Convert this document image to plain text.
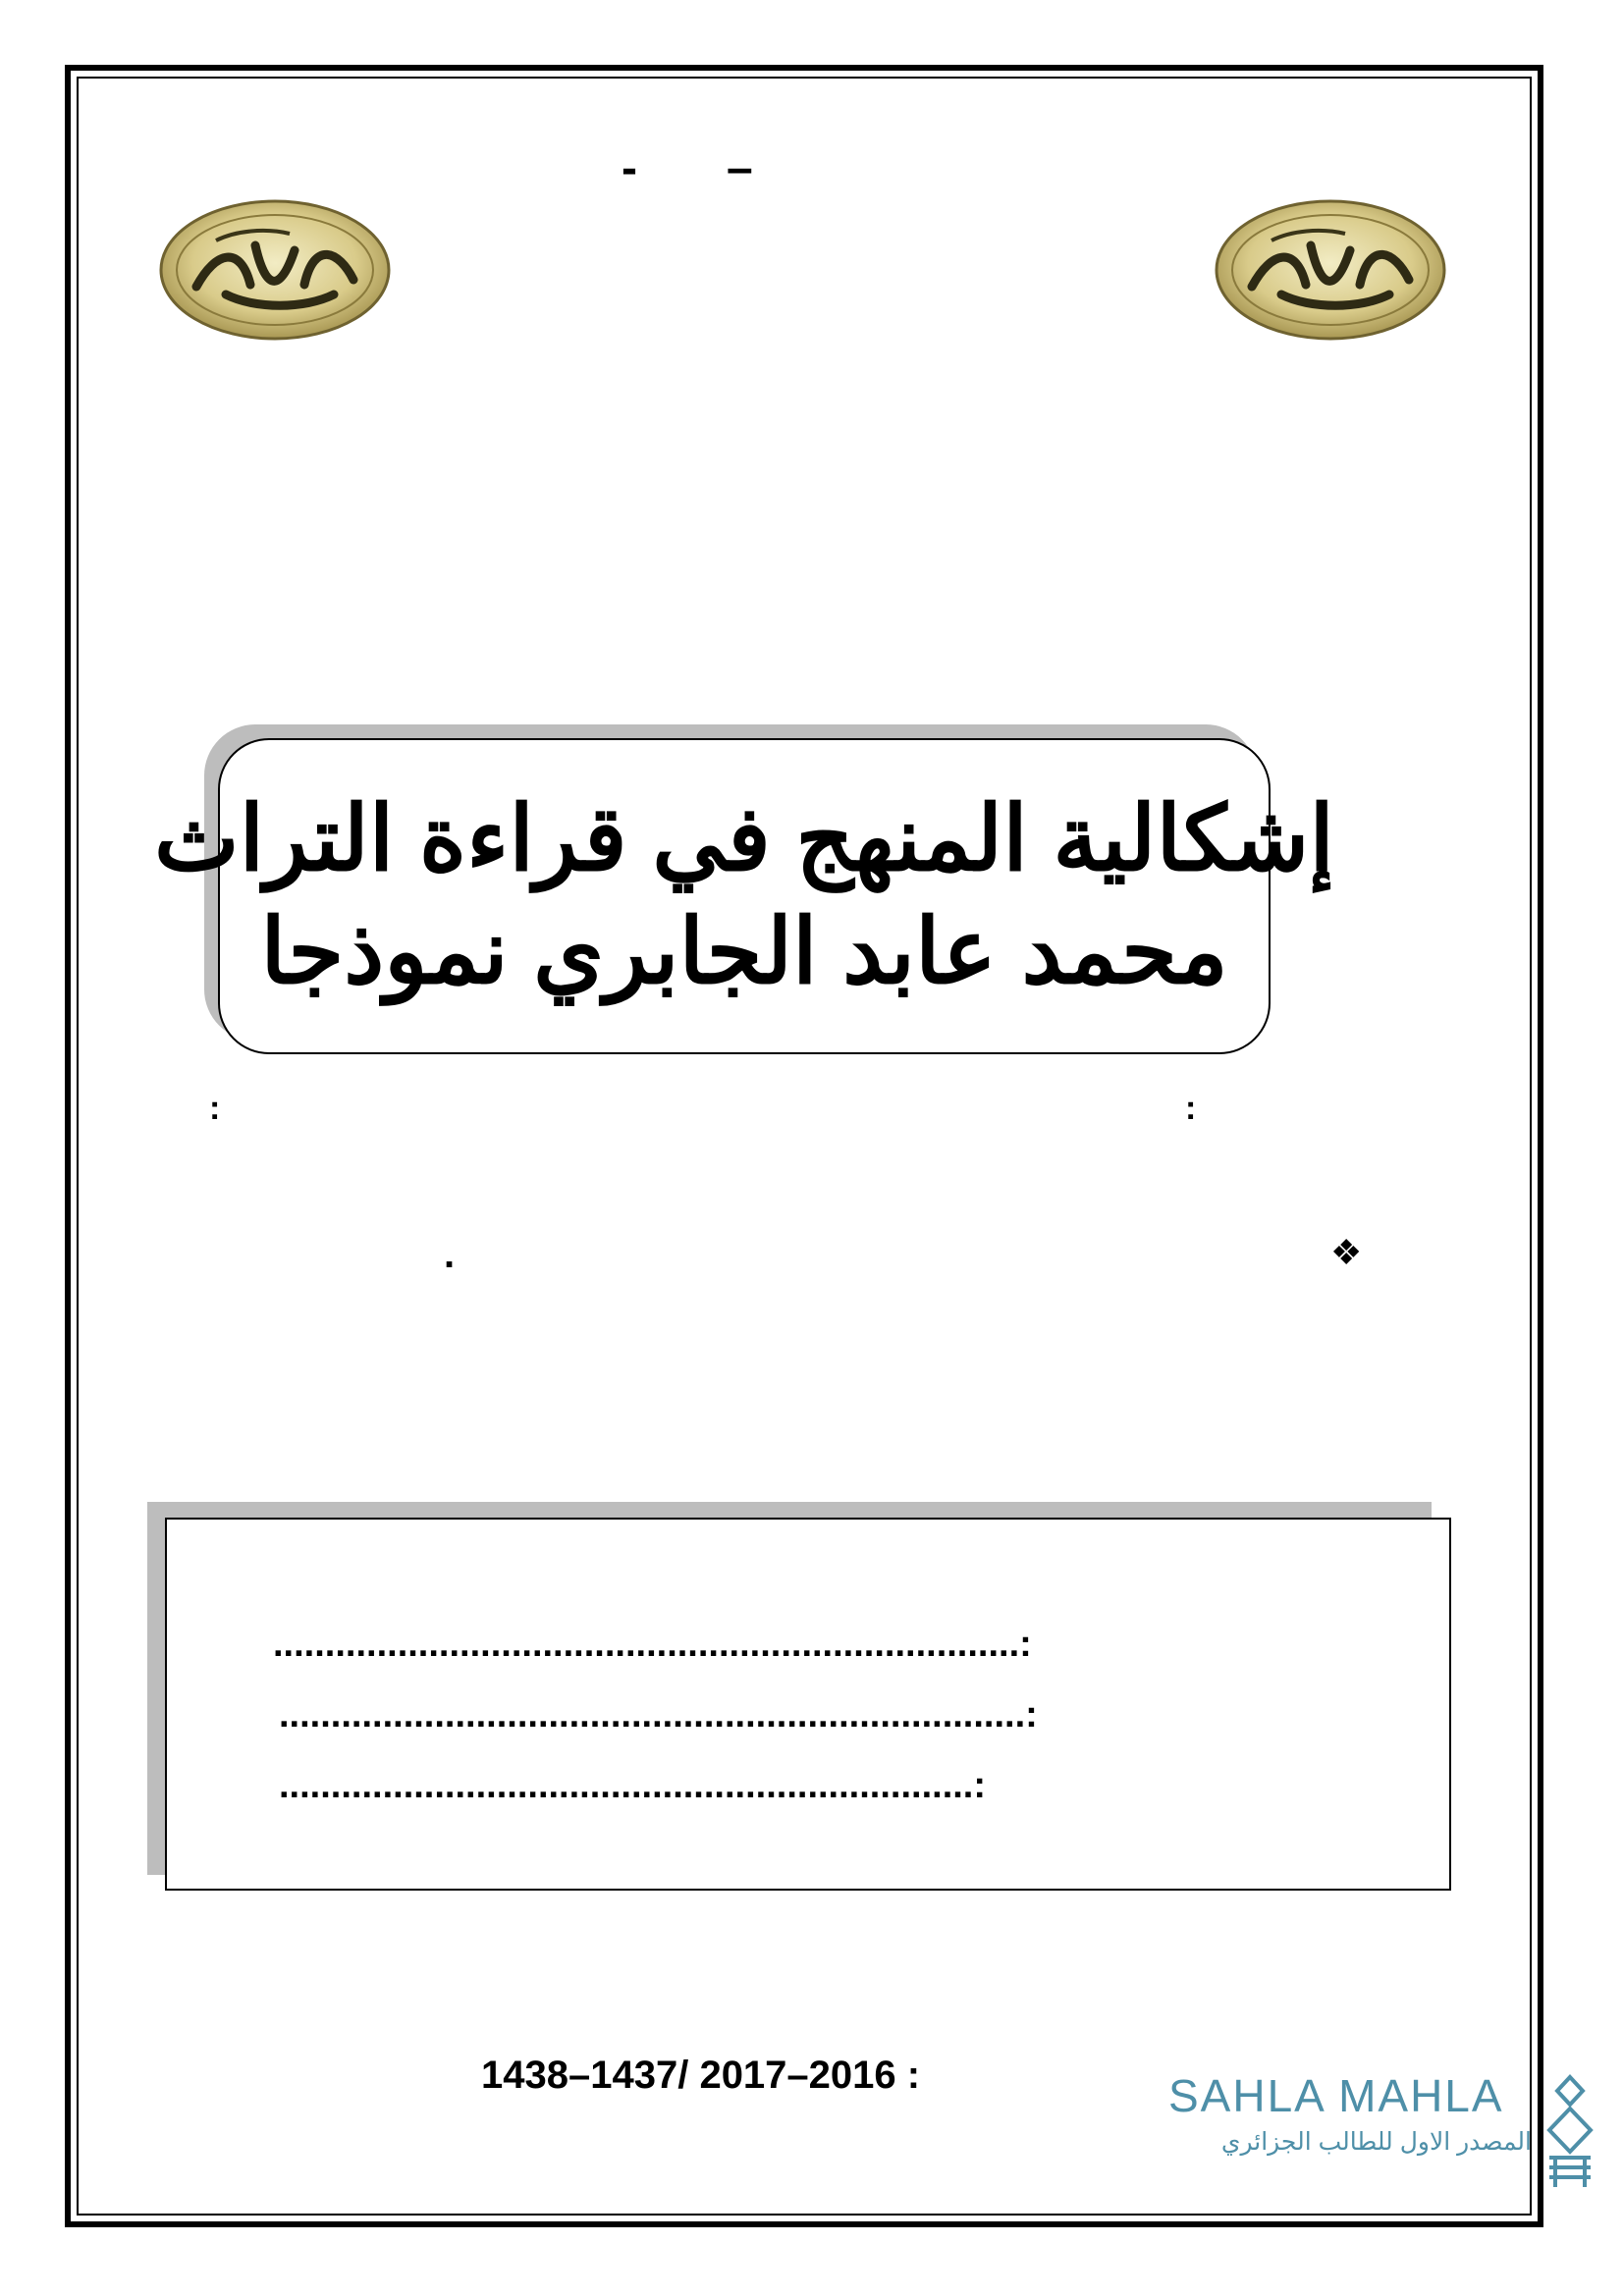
- –
إشكالية المنهج في قراءة التراث
محمد عابد الجابري نموذجا
:
:
❖
.
........................................................................:
........................................................................:
...................................................................:
1438–1437/ 2017–2016 :	SAHLA MAHLA
المصدر الاول للطالب الجزائري
